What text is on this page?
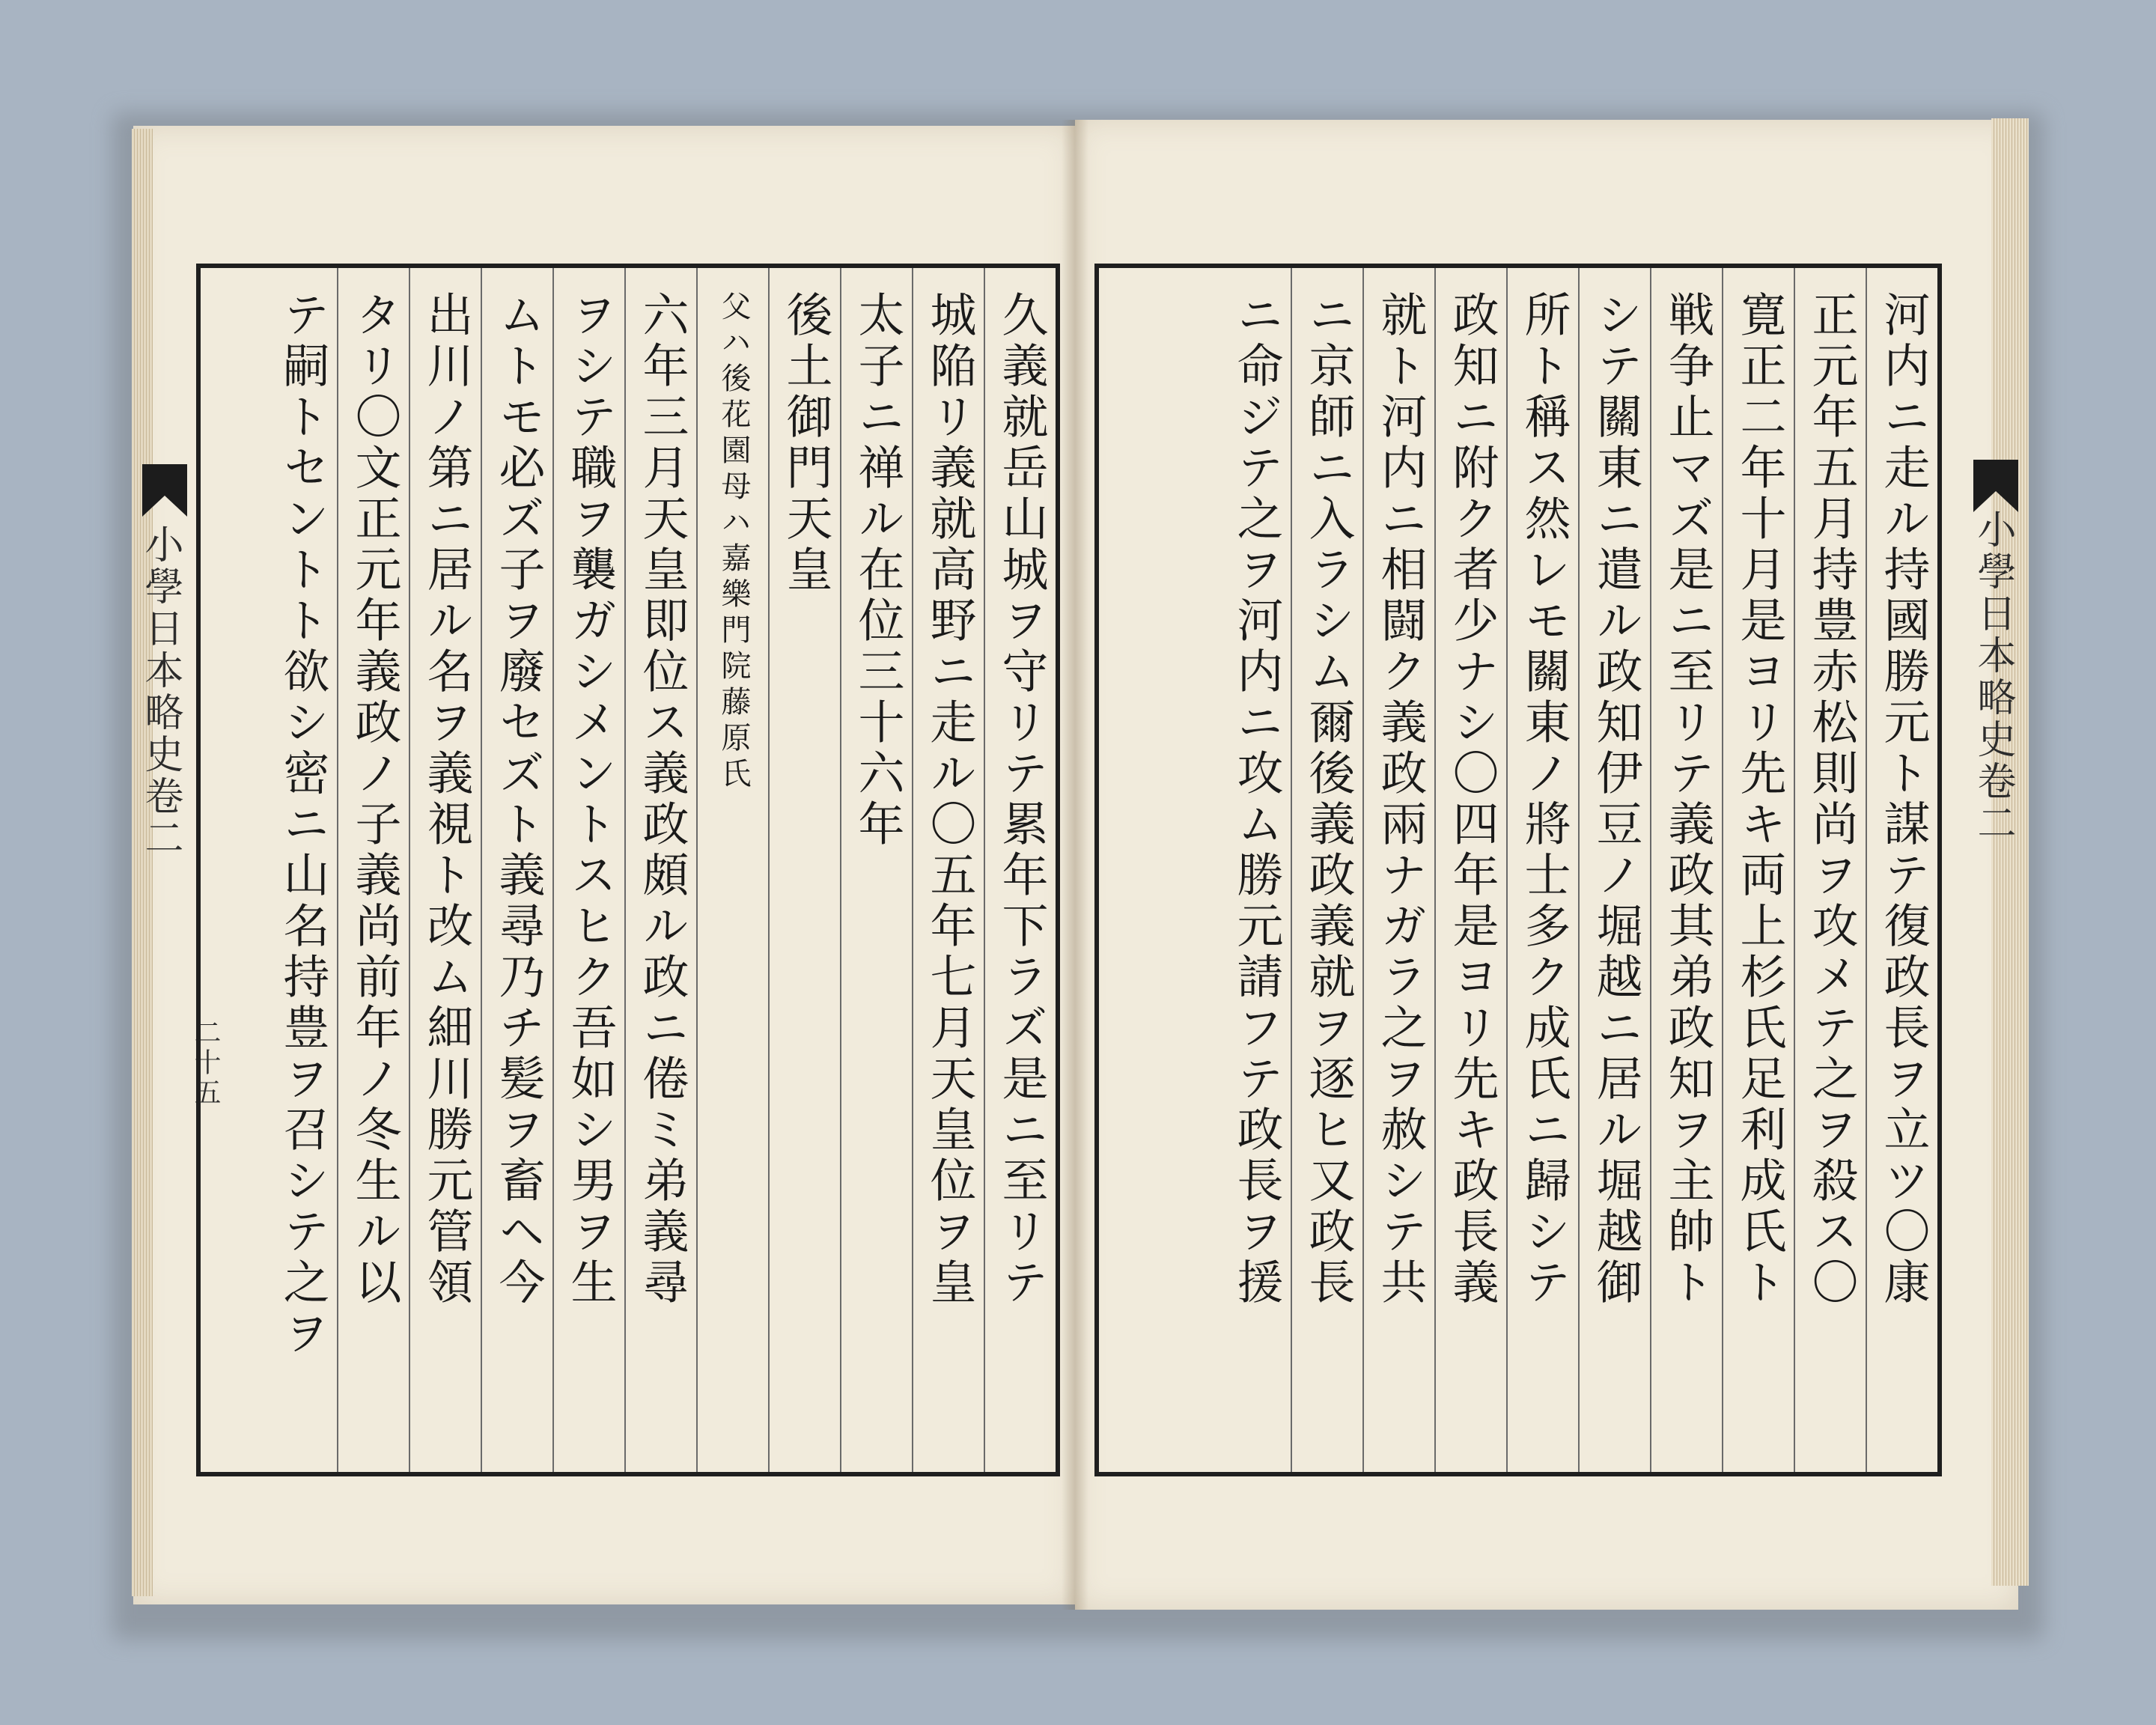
小學日本略史卷二	小學日本略史卷二
二十五	久義就岳山城ヲ守リテ累年下ラズ是ニ至リテ
城陥リ義就高野ニ走ル〇五年七月天皇位ヲ皇
太子ニ禅ル在位三十六年
後土御門天皇
父ハ後花園母ハ嘉樂門院藤原氏
六年三月天皇即位ス義政頗ル政ニ倦ミ弟義尋
ヲシテ職ヲ襲ガシメントスヒク吾如シ男ヲ生
ムトモ必ズ子ヲ廢セズト義尋乃チ髪ヲ畜ヘ今
出川ノ第ニ居ル名ヲ義視ト改ム細川勝元管領
タリ〇文正元年義政ノ子義尚前年ノ冬生ル以
テ嗣トセントト欲シ密ニ山名持豊ヲ召シテ之ヲ	河内ニ走ル持國勝元ト謀テ復政長ヲ立ツ〇康
正元年五月持豊赤松則尚ヲ攻メテ之ヲ殺ス〇
寛正二年十月是ヨリ先キ両上杉氏足利成氏ト
戦争止マズ是ニ至リテ義政其弟政知ヲ主帥ト
シテ關東ニ遣ル政知伊豆ノ堀越ニ居ル堀越御
所ト稱ス然レモ關東ノ將士多ク成氏ニ歸シテ
政知ニ附ク者少ナシ〇四年是ヨリ先キ政長義
就ト河内ニ相闘ク義政兩ナガラ之ヲ赦シテ共
ニ京師ニ入ラシム爾後義政義就ヲ逐ヒ又政長
ニ命ジテ之ヲ河内ニ攻ム勝元請フテ政長ヲ援
